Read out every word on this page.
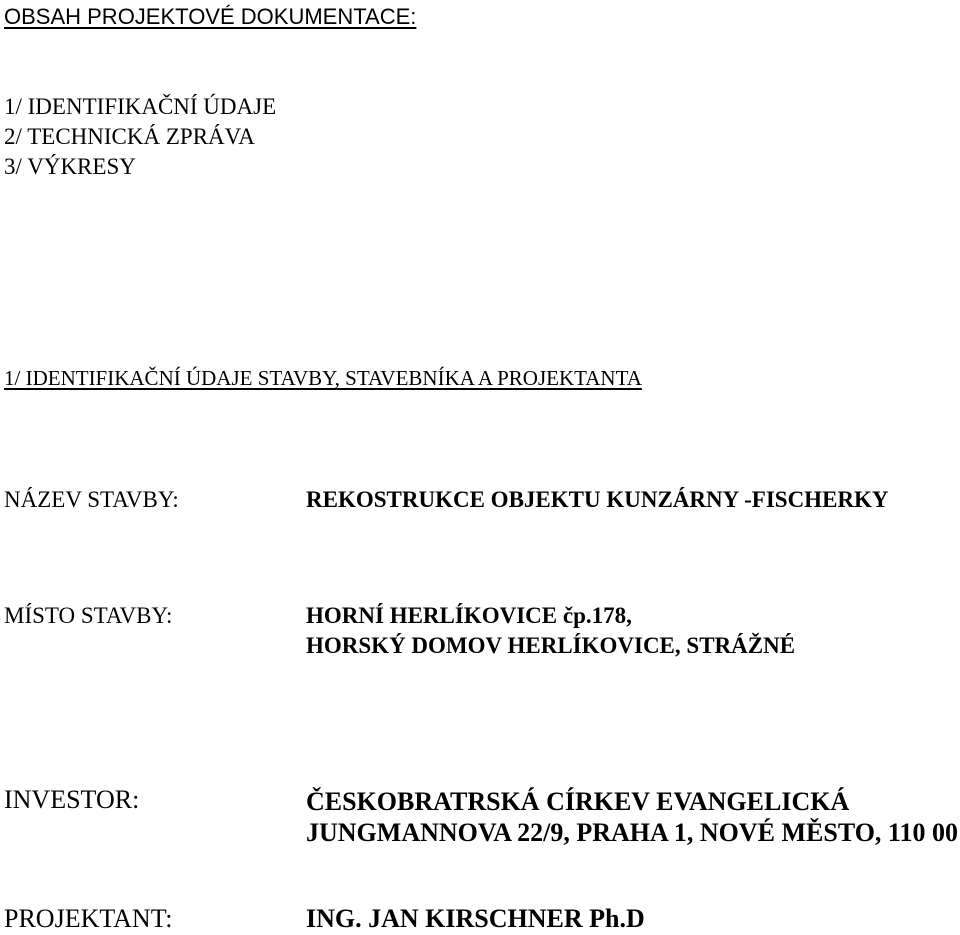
OBSAH PROJEKTOVÉ DOKUMENTACE:
1/ IDENTIFIKAČNÍ ÚDAJE
2/ TECHNICKÁ ZPRÁVA
3/ VÝKRESY
1/ IDENTIFIKAČNÍ ÚDAJE STAVBY, STAVEBNÍKA A PROJEKTANTA
NÁZEV STAVBY:	REKOSTRUKCE OBJEKTU KUNZÁRNY -FISCHERKY
MÍSTO STAVBY:	HORNÍ HERLÍKOVICE čp.178,
HORSKÝ DOMOV HERLÍKOVICE, STRÁŽNÉ
INVESTOR:	ČESKOBRATRSKÁ CÍRKEV EVANGELICKÁ
JUNGMANNOVA 22/9, PRAHA 1, NOVÉ MĚSTO, 110 00
PROJEKTANT:	ING. JAN KIRSCHNER Ph.D
